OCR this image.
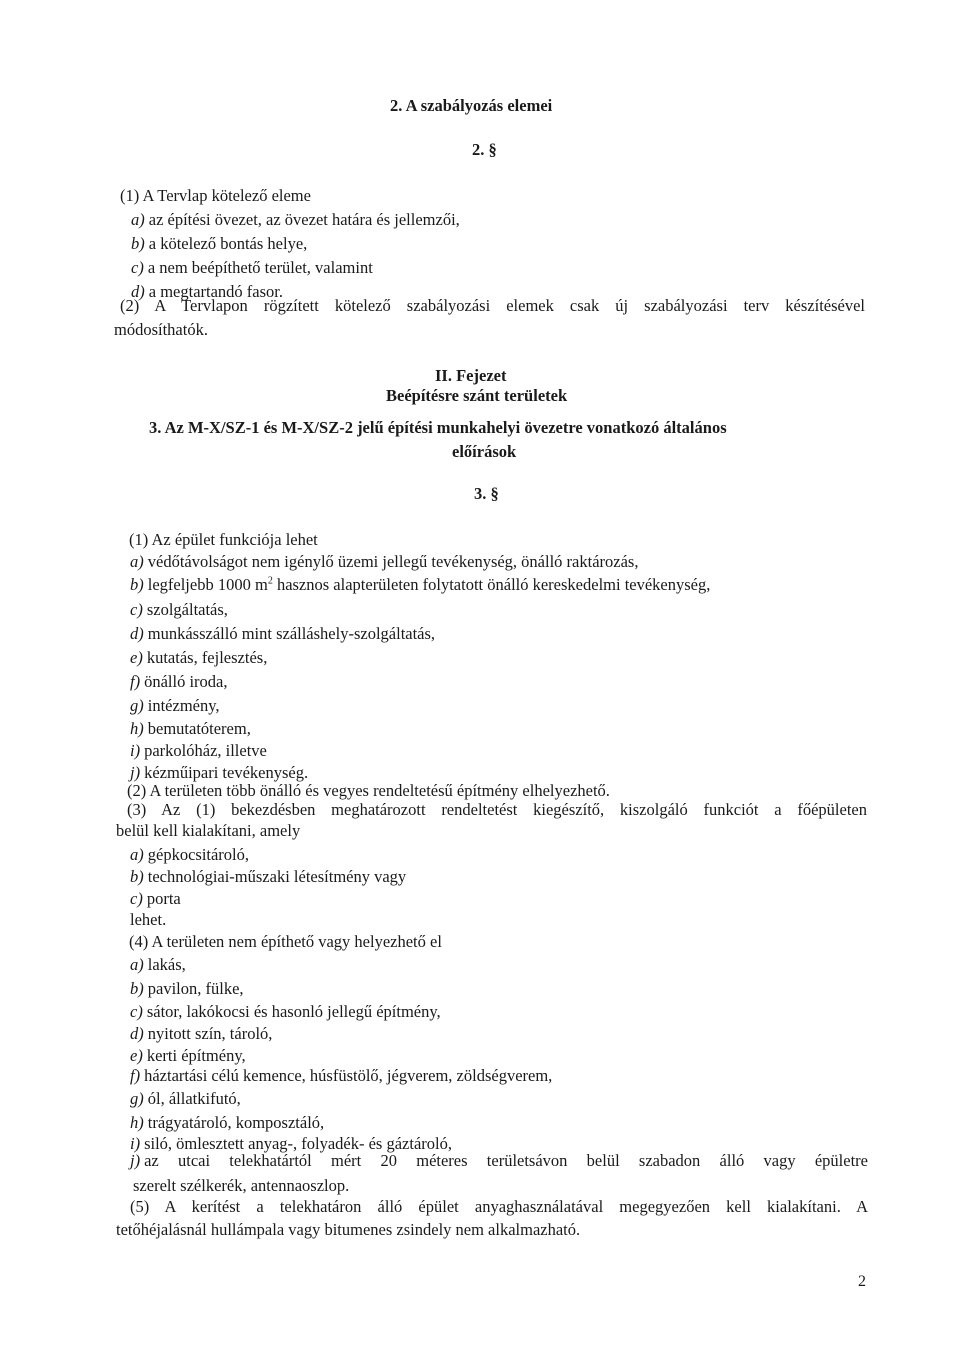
2. A szabályozás elemei
2. §
(1) A Tervlap kötelező eleme
a) az építési övezet, az övezet határa és jellemzői,
b) a kötelező bontás helye,
c) a nem beépíthető terület, valamint
d) a megtartandó fasor.
(2) A Tervlapon rögzített kötelező szabályozási elemek csak új szabályozási terv készítésével
módosíthatók.
II. Fejezet
Beépítésre szánt területek
3. Az M-X/SZ-1 és M-X/SZ-2 jelű építési munkahelyi övezetre vonatkozó általános
előírások
3. §
(1) Az épület funkciója lehet
a) védőtávolságot nem igénylő üzemi jellegű tevékenység, önálló raktározás,
b) legfeljebb 1000 $m^2$ hasznos alapterületen folytatott önálló kereskedelmi tevékenység,
c) szolgáltatás,
d) munkásszálló mint szálláshely-szolgáltatás,
e) kutatás, fejlesztés,
f) önálló iroda,
g) intézmény,
h) bemutatóterem,
i) parkolóház, illetve
j) kézműipari tevékenység.
(2) A területen több önálló és vegyes rendeltetésű építmény elhelyezhető.
(3) Az (1) bekezdésben meghatározott rendeltetést kiegészítő, kiszolgáló funkciót a főépületen
belül kell kialakítani, amely
a) gépkocsitároló,
b) technológiai-műszaki létesítmény vagy
c) porta
lehet.
(4) A területen nem építhető vagy helyezhető el
a) lakás,
b) pavilon, fülke,
c) sátor, lakókocsi és hasonló jellegű építmény,
d) nyitott szín, tároló,
e) kerti építmény,
f) háztartási célú kemence, húsfüstölő, jégverem, zöldségverem,
g) ól, állatkifutó,
h) trágyatároló, komposztáló,
i) siló, ömlesztett anyag-, folyadék- és gáztároló,
j) az utcai telekhatártól mért 20 méteres területsávon belül szabadon álló vagy épületre
szerelt szélkerék, antennaoszlop.
(5) A kerítést a telekhatáron álló épület anyaghasználatával megegyezően kell kialakítani. A
tetőhéjalásnál hullámpala vagy bitumenes zsindely nem alkalmazható.
2
